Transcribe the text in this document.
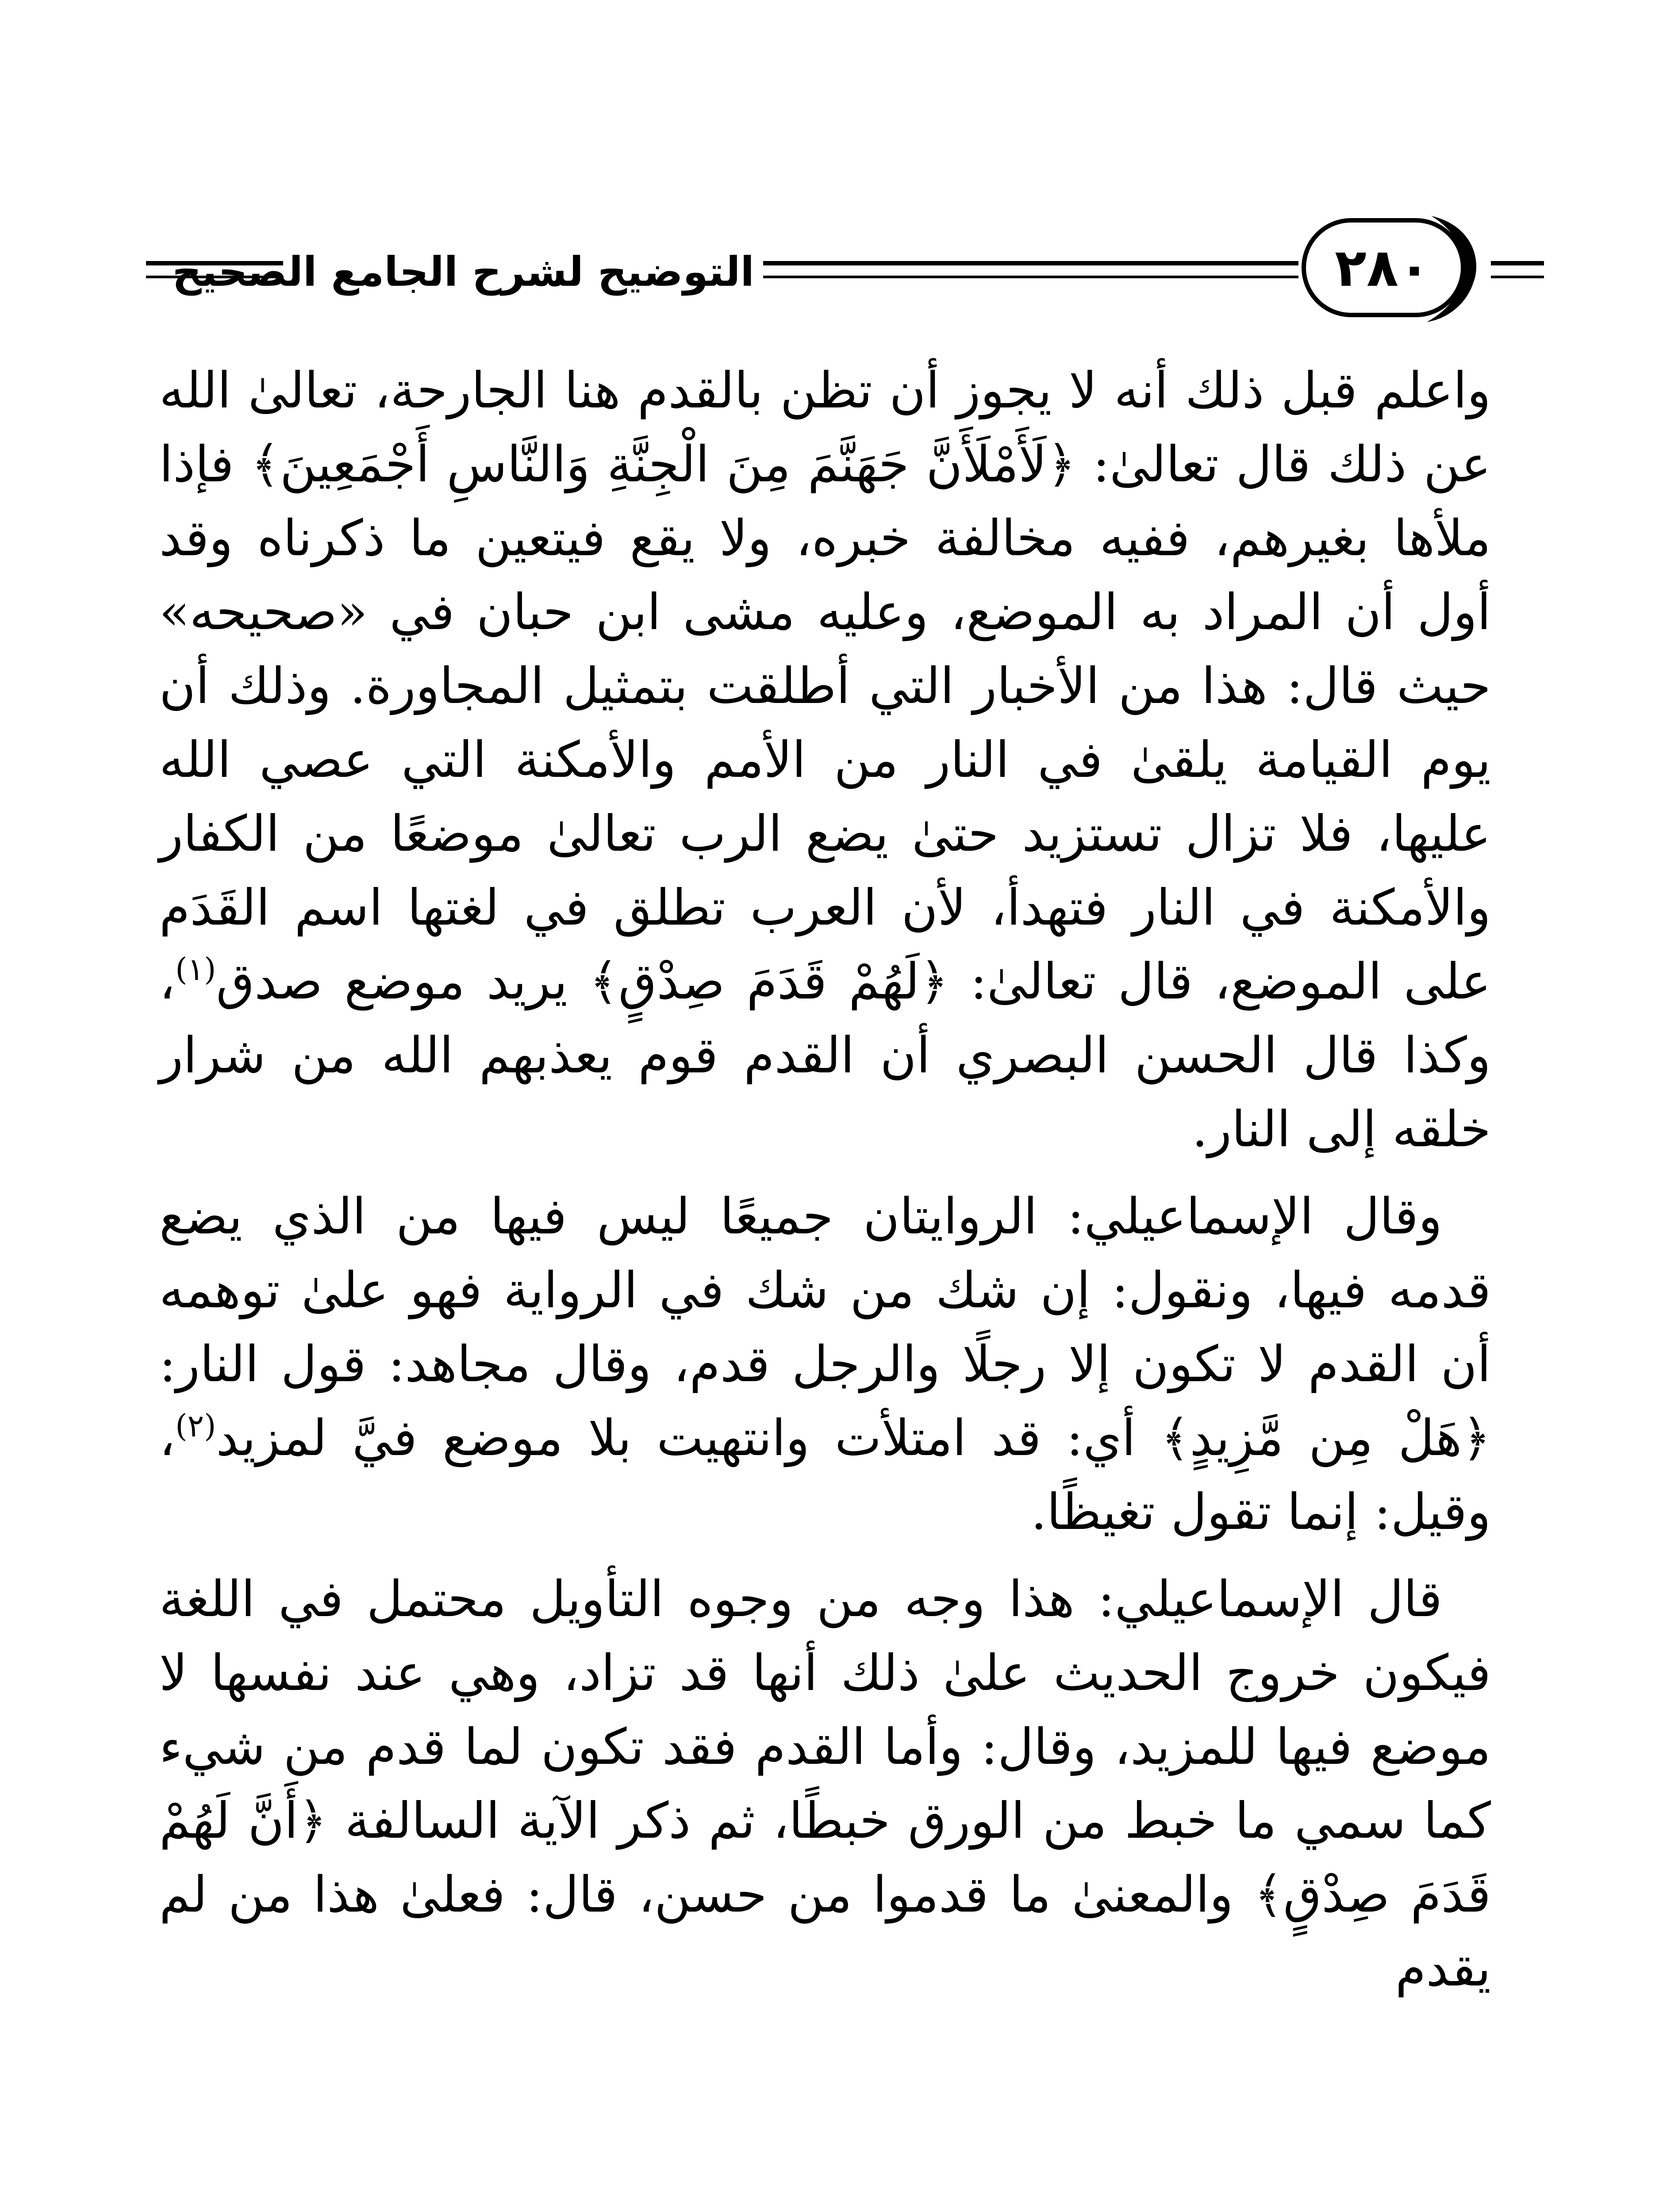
التوضيح لشرح الجامع الصحيح	٢٨٠

واعلم قبل ذلك أنه لا يجوز أن تظن بالقدم هنا الجارحة، تعالىٰ الله عن ذلك قال تعالىٰ: ﴿لَأَمْلَأَنَّ جَهَنَّمَ مِنَ الْجِنَّةِ وَالنَّاسِ أَجْمَعِينَ﴾ فإذا ملأها بغيرهم، ففيه مخالفة خبره، ولا يقع فيتعين ما ذكرناه وقد أول أن المراد به الموضع، وعليه مشى ابن حبان في «صحيحه» حيث قال: هذا من الأخبار التي أطلقت بتمثيل المجاورة. وذلك أن يوم القيامة يلقىٰ في النار من الأمم والأمكنة التي عصي الله عليها، فلا تزال تستزيد حتىٰ يضع الرب تعالىٰ موضعًا من الكفار والأمكنة في النار فتهدأ، لأن العرب تطلق في لغتها اسم القَدَم على الموضع، قال تعالىٰ: ﴿لَهُمْ قَدَمَ صِدْقٍ﴾ يريد موضع صدق$^{(١)}$، وكذا قال الحسن البصري أن القدم قوم يعذبهم الله من شرار خلقه إلى النار.

وقال الإسماعيلي: الروايتان جميعًا ليس فيها من الذي يضع قدمه فيها، ونقول: إن شك من شك في الرواية فهو علىٰ توهمه أن القدم لا تكون إلا رجلًا والرجل قدم، وقال مجاهد: قول النار: ﴿هَلْ مِن مَّزِيدٍ﴾ أي: قد امتلأت وانتهيت بلا موضع فيَّ لمزيد$^{(٢)}$، وقيل: إنما تقول تغيظًا.

قال الإسماعيلي: هذا وجه من وجوه التأويل محتمل في اللغة فيكون خروج الحديث علىٰ ذلك أنها قد تزاد، وهي عند نفسها لا موضع فيها للمزيد، وقال: وأما القدم فقد تكون لما قدم من شيء كما سمي ما خبط من الورق خبطًا، ثم ذكر الآية السالفة ﴿أَنَّ لَهُمْ قَدَمَ صِدْقٍ﴾ والمعنىٰ ما قدموا من حسن، قال: فعلىٰ هذا من لم يقدم
